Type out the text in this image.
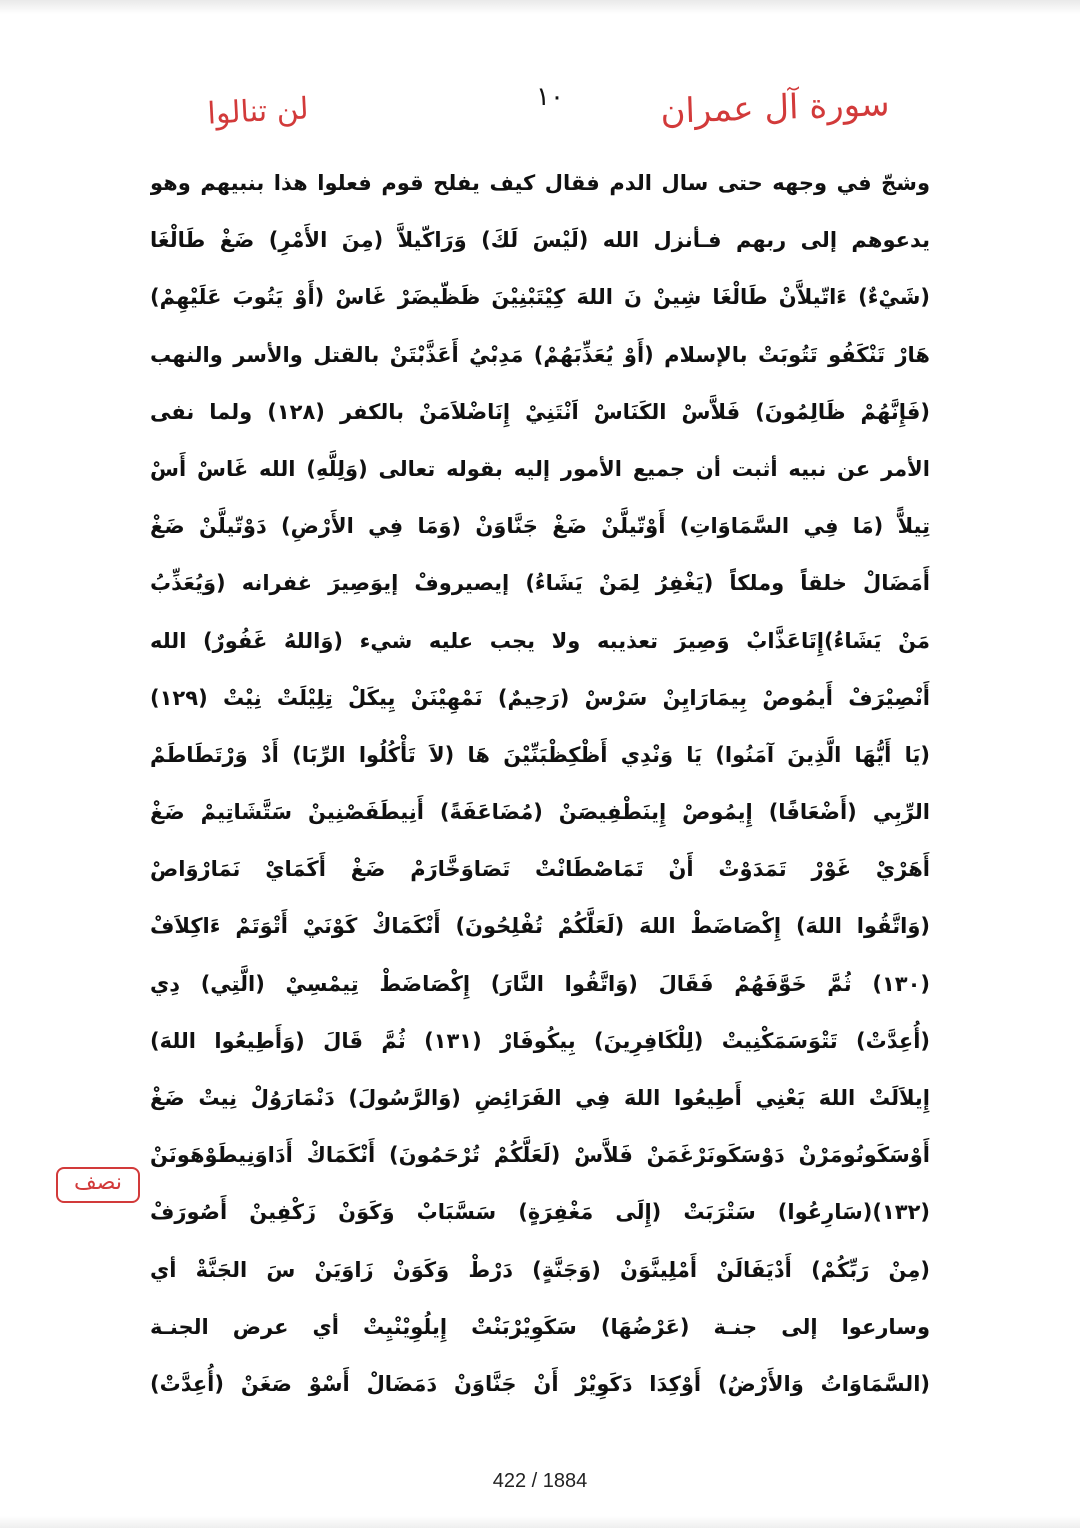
١٠	سورة آل عمران
لن تنالوا
وشجّ في وجهه حتى سال الدم فقال كيف يفلح قوم فعلوا هذا بنبيهم وهو
يدعوهم إلى ربهم فـأنزل الله (لَيْسَ لَكَ) وَرَاكّيلاَّ (مِنَ الأَمْرِ) ضَغْ طَالْغَا
(شَيْءٌ) ءَاتّيلاَّنْ طَالْغَا شِينْ نَ اللهَ كِيْتَبْنِيْنَ ظَظّيضَرْ غَاسْ (أَوْ يَتُوبَ عَلَيْهِمْ)
هَارْ تَنْكَفُو تَتُوبَتْ بالإسلام (أَوْ يُعَذِّبَهُمْ) مَدِبْيُ أَعَذَّبْتَنْ بالقتل والأسر والنهب
(فَإِنَّهُمْ ظَالِمُونَ) فَلاَّسْ الكَنَاسْ اَنْتَنِيْ إِنَاضْلاَمَنْ بالكفر (١٢٨) ولما نفى
الأمر عن نبيه أثبت أن جميع الأمور إليه بقوله تعالى (وَلِلَّهِ) الله غَاسْ أَسْ
تِيلاًّ (مَا فِي السَّمَاوَاتِ) أَوْتّيلَّنْ ضَغْ جَنَّاوَنْ (وَمَا فِي الأَرْضِ) دَوْتّيلَّنْ ضَغْ
أَمَضَالْ خلقاً وملكاً (يَغْفِرُ لِمَنْ يَشَاءُ) إيصيروفْ إيوَصِيرَ غفرانه (وَيُعَذِّبُ
مَنْ يَشَاءُ)إِتَاعَذَّابْ وَصِيرَ تعذيبه ولا يجب عليه شيء (وَاللهُ غَفُورٌ) الله
أَنْصِيْرَفْ أَيمُوصْ بِيمَارَايِنْ سَرْسْ (رَحِيمٌ) نَمْهِيْنَنْ يِيكَلْ تِلِيْلَتْ نِيْتْ (١٢٩)
(يَا أَيُّهَا الَّذِينَ آمَنُوا) يَا وَنْدِي أَظْكِظْبَنِّيْنَ هَا (لاَ تَأْكُلُوا الرِّبَا) أَدْ وَرْتَطَاطَمْ
الرِّبِي (أَضْعَافًا) إِيمُوصْ إِينَطْفِيصَنْ (مُضَاعَفَةً) أَنِيطَفَصْنِينْ سَتَّشَاتِيمْ ضَغْ
أَهَرْيْ غَوْرْ تَمَدَوْتْ أَنْ تَمَاصْطَانْتْ تَصَاوَخَّارَمْ ضَغْ أَكَمَايْ نَمَارْوَاصْ
(وَاتَّقُوا اللهَ) إِكْصَاضَطْ اللهَ (لَعَلَّكُمْ تُفْلِحُونَ) أَنْكَمَاكْ كَوْنَيْ أَتْوَتَمْ ءَاكِلاَفْ
(١٣٠) ثُمَّ خَوَّفَهُمْ فَقَالَ (وَاتَّقُوا النَّارَ) إِكْصَاضَطْ تِيمْسِيْ (الَّتِي) دِي
(أُعِدَّتْ) تَتْوَسَمَكْنِيتْ (لِلْكَافِرِينَ) بِيكُوفَارْ (١٣١) ثُمَّ قَالَ (وَأَطِيعُوا اللهَ)
إِيلاَلَتْ اللهَ يَعْنِي أَطِيعُوا اللهَ فِي الفَرَائِضِ (وَالرَّسُولَ) دَنْمَارَوُلْ نِيتْ ضَغْ
أَوْسَكَونُومَرْنْ دَوْسَكَونَرْغَمَنْ فَلاَّسْ (لَعَلَّكُمْ تُرْحَمُونَ) أَنْكَمَاكْ أَدَاوَنِيطَوْهَونَنْ
(١٣٢)(سَارِعُوا) سَتْرَبَتْ (إِلَى مَغْفِرَةٍ) سَسَّبَابْ وَكَوَنْ زَكْفِينْ أَصُورَفْ
(مِنْ رَبِّكُمْ) أَدْيَفَالَنْ أَمْلِينَّوَنْ (وَجَنَّةٍ) دَرْطْ وَكَوَنْ زَاوَيَنْ سَ الجَنَّةْ أي
وسارعوا إلى جنـة (عَرْضُهَا) سَكَوِيْرْبَنْتْ إِيلُوِيْنْيِتْ أي عرض الجنـة
(السَّمَاوَاتُ وَالأَرْضُ) أَوْكِدَا دَكَوِيْرْ أَنْ جَنَّاوَنْ دَمَضَالْ أَسْوْ صَغَنْ (أُعِدَّتْ)
نصف
422 / 1884
